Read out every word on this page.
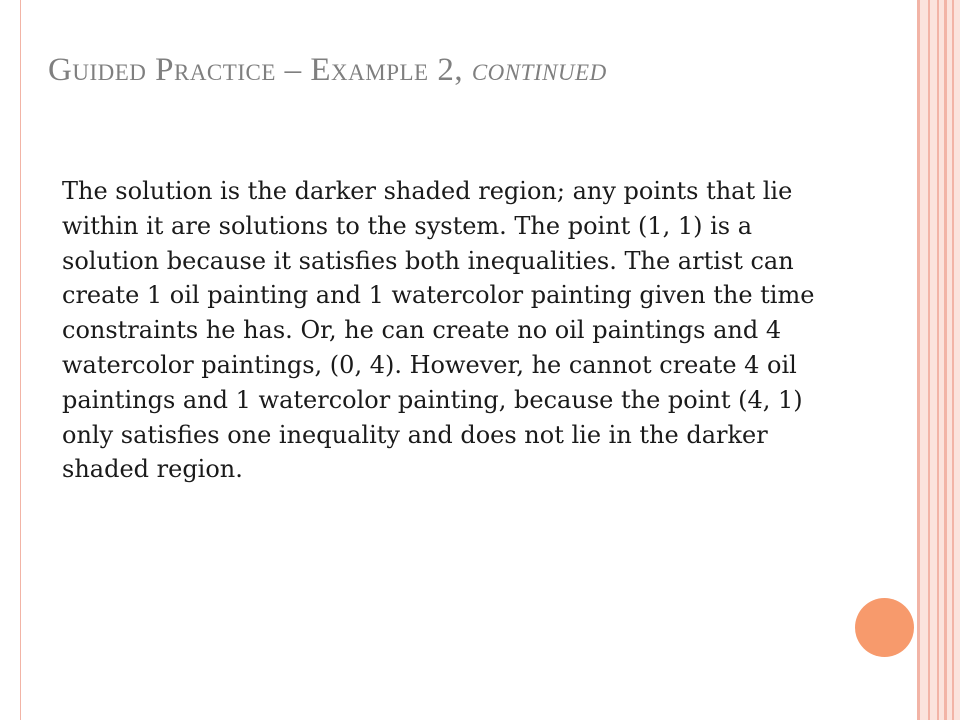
Guided Practice – Example 2, continued

The solution is the darker shaded region; any points that lie within it are solutions to the system. The point (1, 1) is a solution because it satisfies both inequalities. The artist can create 1 oil painting and 1 watercolor painting given the time constraints he has. Or, he can create no oil paintings and 4 watercolor paintings, (0, 4). However, he cannot create 4 oil paintings and 1 watercolor painting, because the point (4, 1) only satisfies one inequality and does not lie in the darker shaded region.
